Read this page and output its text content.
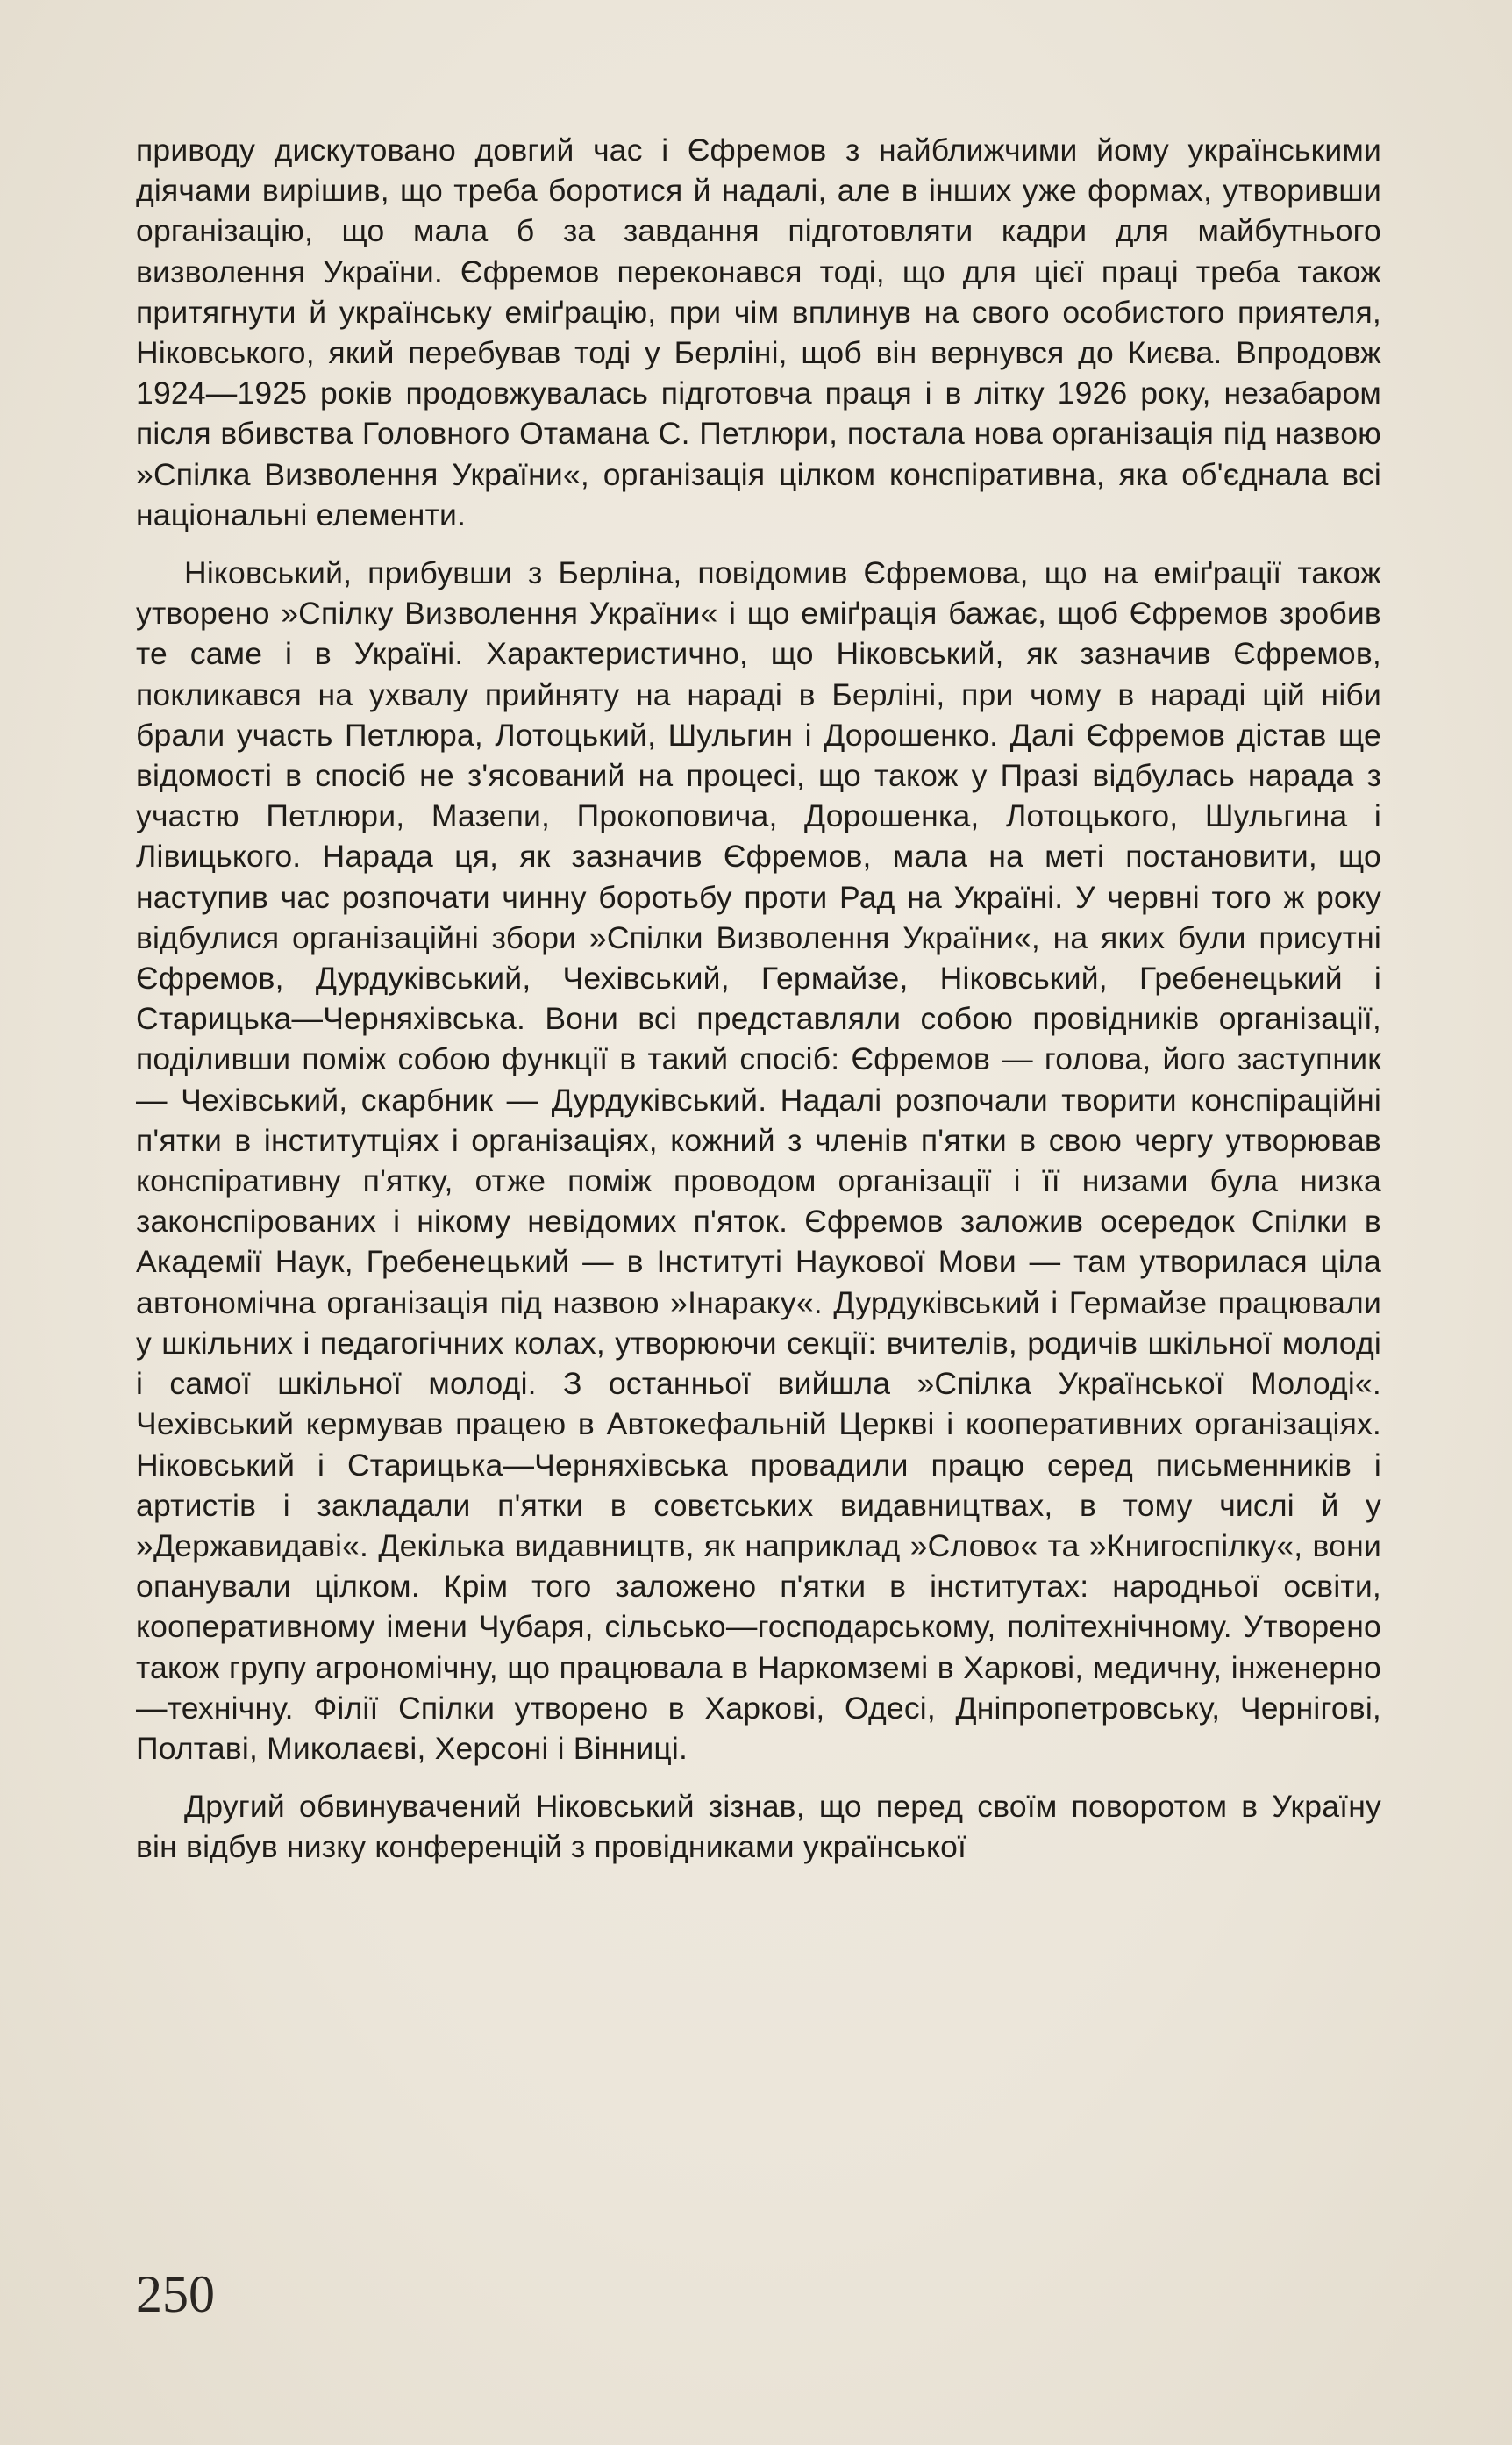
приводу дискутовано довгий час і Єфремов з найближчими йому українськими діячами вирішив, що треба боротися й надалі, але в інших уже формах, утворивши організацію, що мала б за завдання підготовляти кадри для майбутнього визволення України. Єфремов переконався тоді, що для цієї праці треба також притягнути й українську еміґрацію, при чім вплинув на свого особистого приятеля, Ніковського, який перебував тоді у Берліні, щоб він вернувся до Києва. Впродовж 1924—1925 років продовжувалась підготовча праця і в літку 1926 року, незабаром після вбивства Головного Отамана С. Петлюри, постала нова організація під назвою »Спілка Визволення України«, організація цілком конспіративна, яка об'єднала всі національні елементи.

Ніковський, прибувши з Берліна, повідомив Єфремова, що на еміґрації також утворено »Спілку Визволення України« і що еміґрація бажає, щоб Єфремов зробив те саме і в Україні. Характеристично, що Ніковський, як зазначив Єфремов, покликався на ухвалу прийняту на нараді в Берліні, при чому в нараді цій ніби брали участь Петлюра, Лотоцький, Шульгин і Дорошенко. Далі Єфремов дістав ще відомості в спосіб не з'ясований на процесі, що також у Празі відбулась нарада з участю Петлюри, Мазепи, Прокоповича, Дорошенка, Лотоцького, Шульгина і Лівицького. Нарада ця, як зазначив Єфремов, мала на меті постановити, що наступив час розпочати чинну боротьбу проти Рад на Україні. У червні того ж року відбулися організаційні збори »Спілки Визволення України«, на яких були присутні Єфремов, Дурдуківський, Чехівський, Гермайзе, Ніковський, Гребенецький і Старицька—Черняхівська. Вони всі представляли собою провідників організації, поділивши поміж собою функції в такий спосіб: Єфремов — голова, його заступник — Чехівський, скарбник — Дурдуківський. Надалі розпочали творити конспіраційні п'ятки в інститутціях і організаціях, кожний з членів п'ятки в свою чергу утворював конспіративну п'ятку, отже поміж проводом організації і її низами була низка законспірованих і нікому невідомих п'яток. Єфремов заложив осередок Спілки в Академії Наук, Гребенецький — в Інституті Наукової Мови — там утворилася ціла автономічна організація під назвою »Інараку«. Дурдуківський і Гермайзе працювали у шкільних і педагогічних колах, утворюючи секції: вчителів, родичів шкільної молоді і самої шкільної молоді. З останньої вийшла »Спілка Української Молоді«. Чехівський кермував працею в Автокефальній Церкві і кооперативних організаціях. Ніковський і Старицька—Черняхівська провадили працю серед письменників і артистів і закладали п'ятки в совєтських видавництвах, в тому числі й у »Державидаві«. Декілька видавництв, як наприклад »Слово« та »Книгоспілку«, вони опанували цілком. Крім того заложено п'ятки в інститутах: народньої освіти, кооперативному імени Чубаря, сільсько—господарському, політехнічному. Утворено також групу агрономічну, що працювала в Наркомземі в Харкові, медичну, інженерно—технічну. Філії Спілки утворено в Харкові, Одесі, Дніпропетровську, Чернігові, Полтаві, Миколаєві, Херсоні і Вінниці.

Другий обвинувачений Ніковський зізнав, що перед своїм поворотом в Україну він відбув низку конференцій з провідниками української

250
